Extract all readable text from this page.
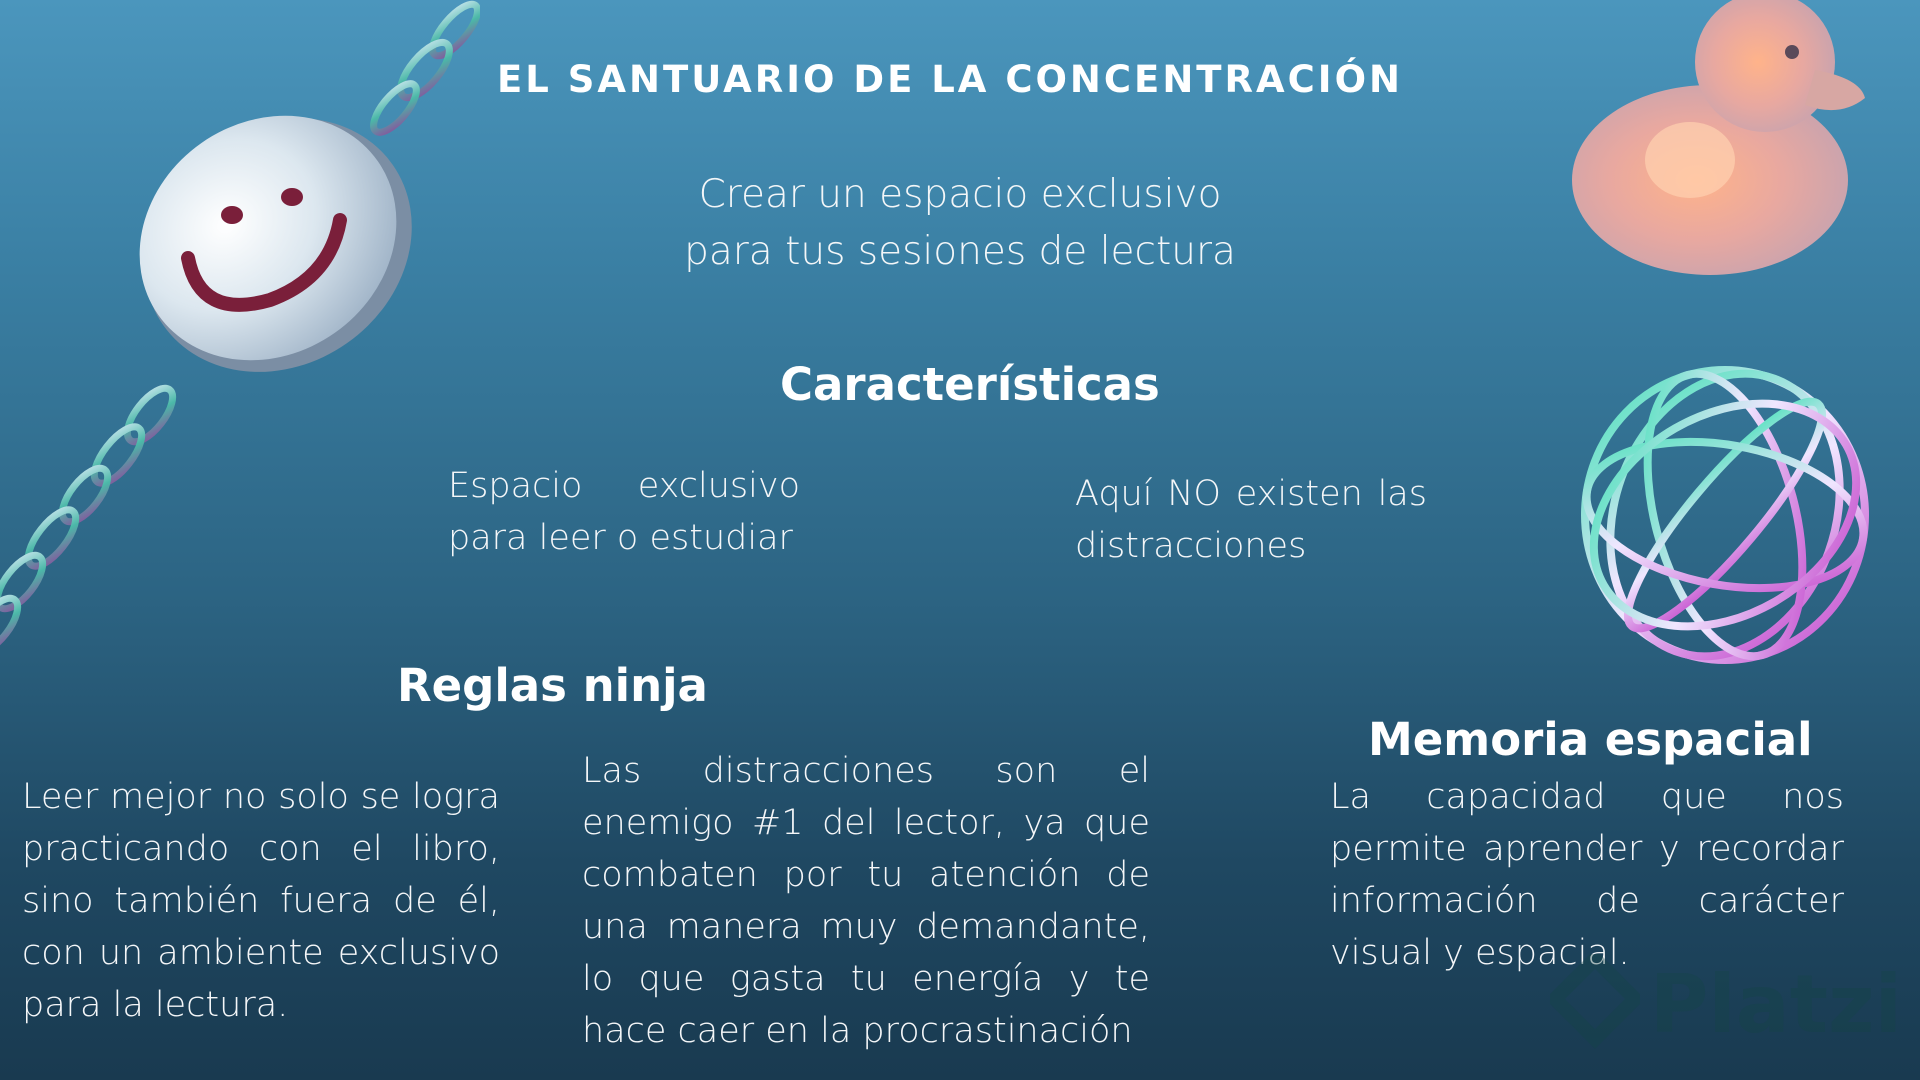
EL SANTUARIO DE LA CONCENTRACIÓN
Crear un espacio exclusivo
para tus sesiones de lectura
Características
Espacio exclusivo
para leer o estudiar
Aquí NO existen las
distracciones
Reglas ninja
Leer mejor no solo se logra practicando con el libro, sino también fuera de él, con un ambiente exclusivo para la lectura.
Las distracciones son el enemigo #1 del lector, ya que combaten por tu atención de una manera muy demandante, lo que gasta tu energía y te hace caer en la procrastinación
Memoria espacial
La capacidad que nos permite aprender y recordar información de carácter visual y espacial.
Platzi
